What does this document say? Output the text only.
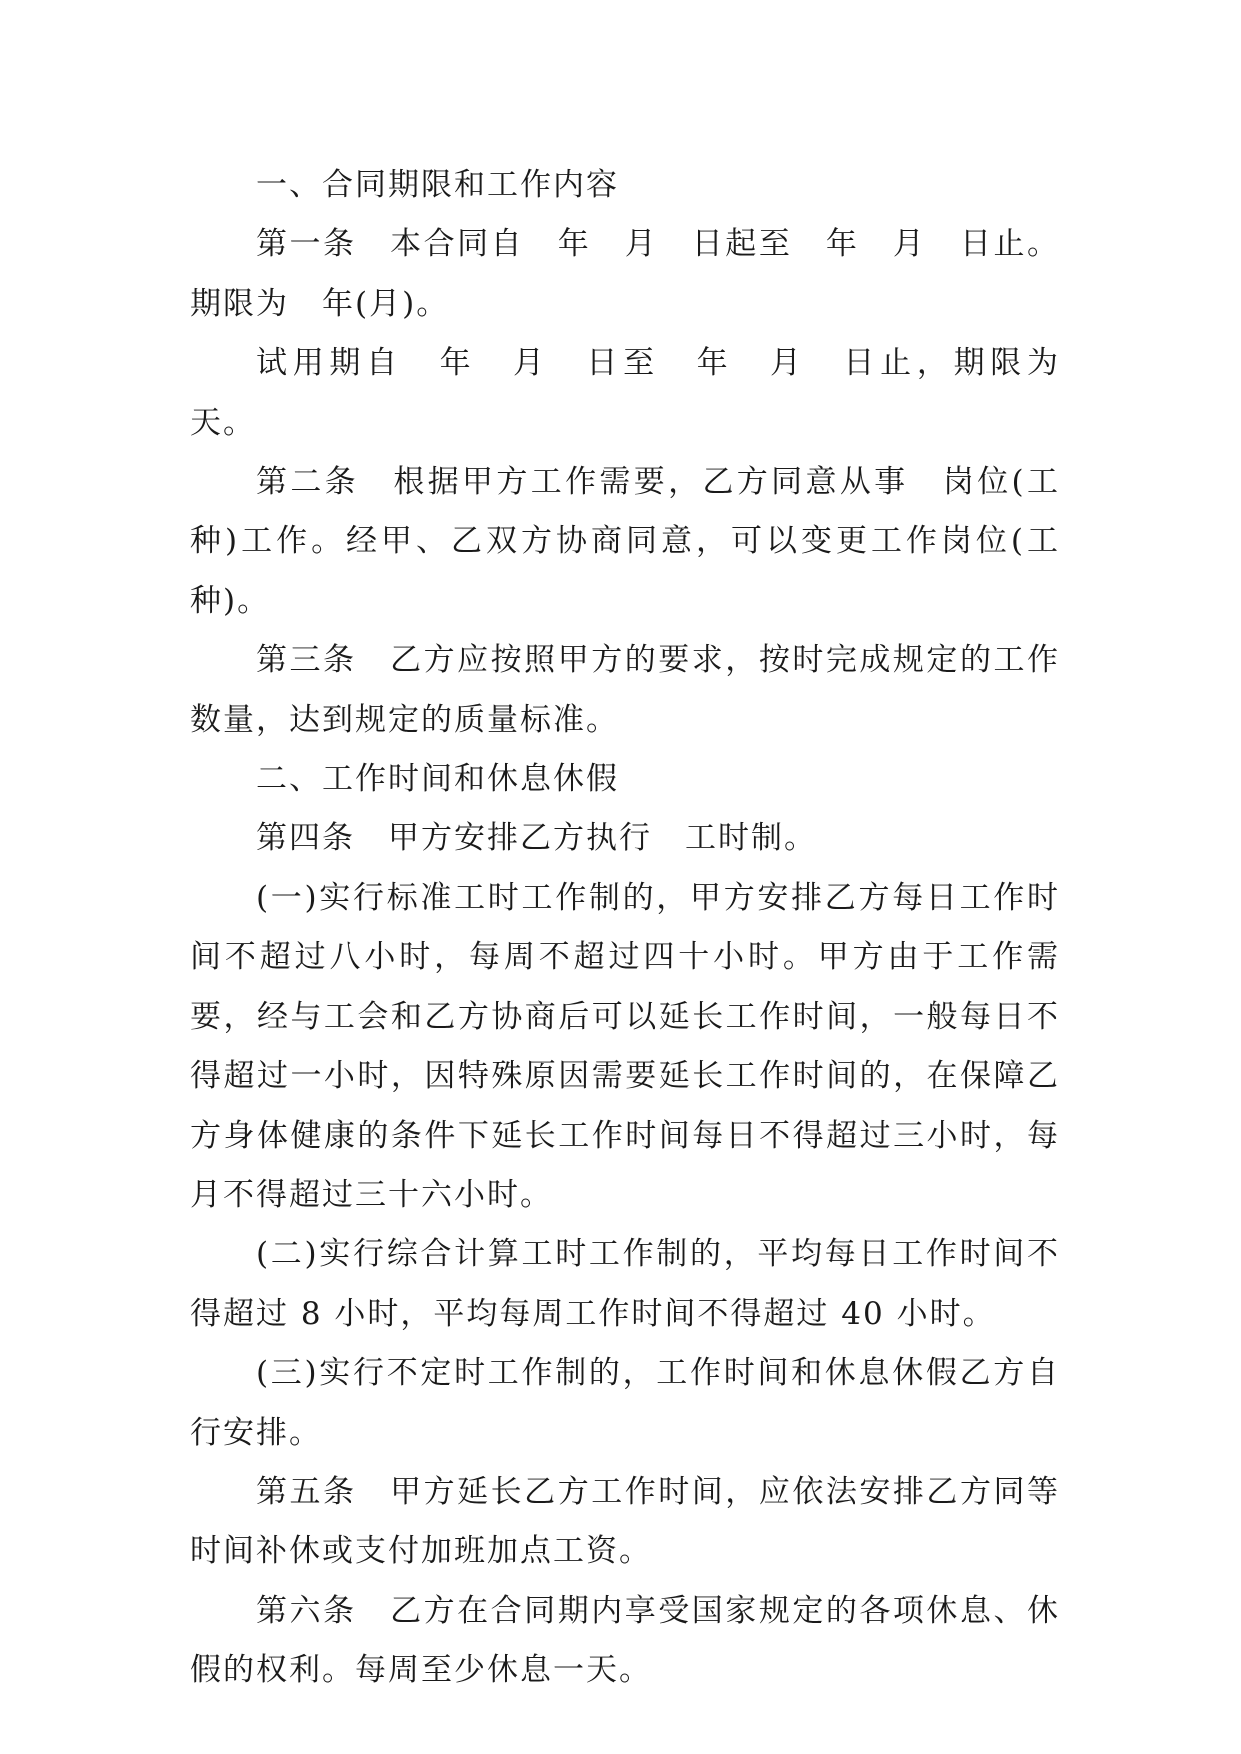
一、合同期限和工作内容

第一条　本合同自　年　月　日起至　年　月　日止。期限为　年(月)。

试用期自　年　月　日至　年　月　日止，期限为　天。

第二条　根据甲方工作需要，乙方同意从事　岗位(工种)工作。经甲、乙双方协商同意，可以变更工作岗位(工种)。

第三条　乙方应按照甲方的要求，按时完成规定的工作数量，达到规定的质量标准。

二、工作时间和休息休假

第四条　甲方安排乙方执行　工时制。

(一)实行标准工时工作制的，甲方安排乙方每日工作时间不超过八小时，每周不超过四十小时。甲方由于工作需要，经与工会和乙方协商后可以延长工作时间，一般每日不得超过一小时，因特殊原因需要延长工作时间的，在保障乙方身体健康的条件下延长工作时间每日不得超过三小时，每月不得超过三十六小时。

(二)实行综合计算工时工作制的，平均每日工作时间不得超过 8 小时，平均每周工作时间不得超过 40 小时。

(三)实行不定时工作制的，工作时间和休息休假乙方自行安排。

第五条　甲方延长乙方工作时间，应依法安排乙方同等时间补休或支付加班加点工资。

第六条　乙方在合同期内享受国家规定的各项休息、休假的权利。每周至少休息一天。
